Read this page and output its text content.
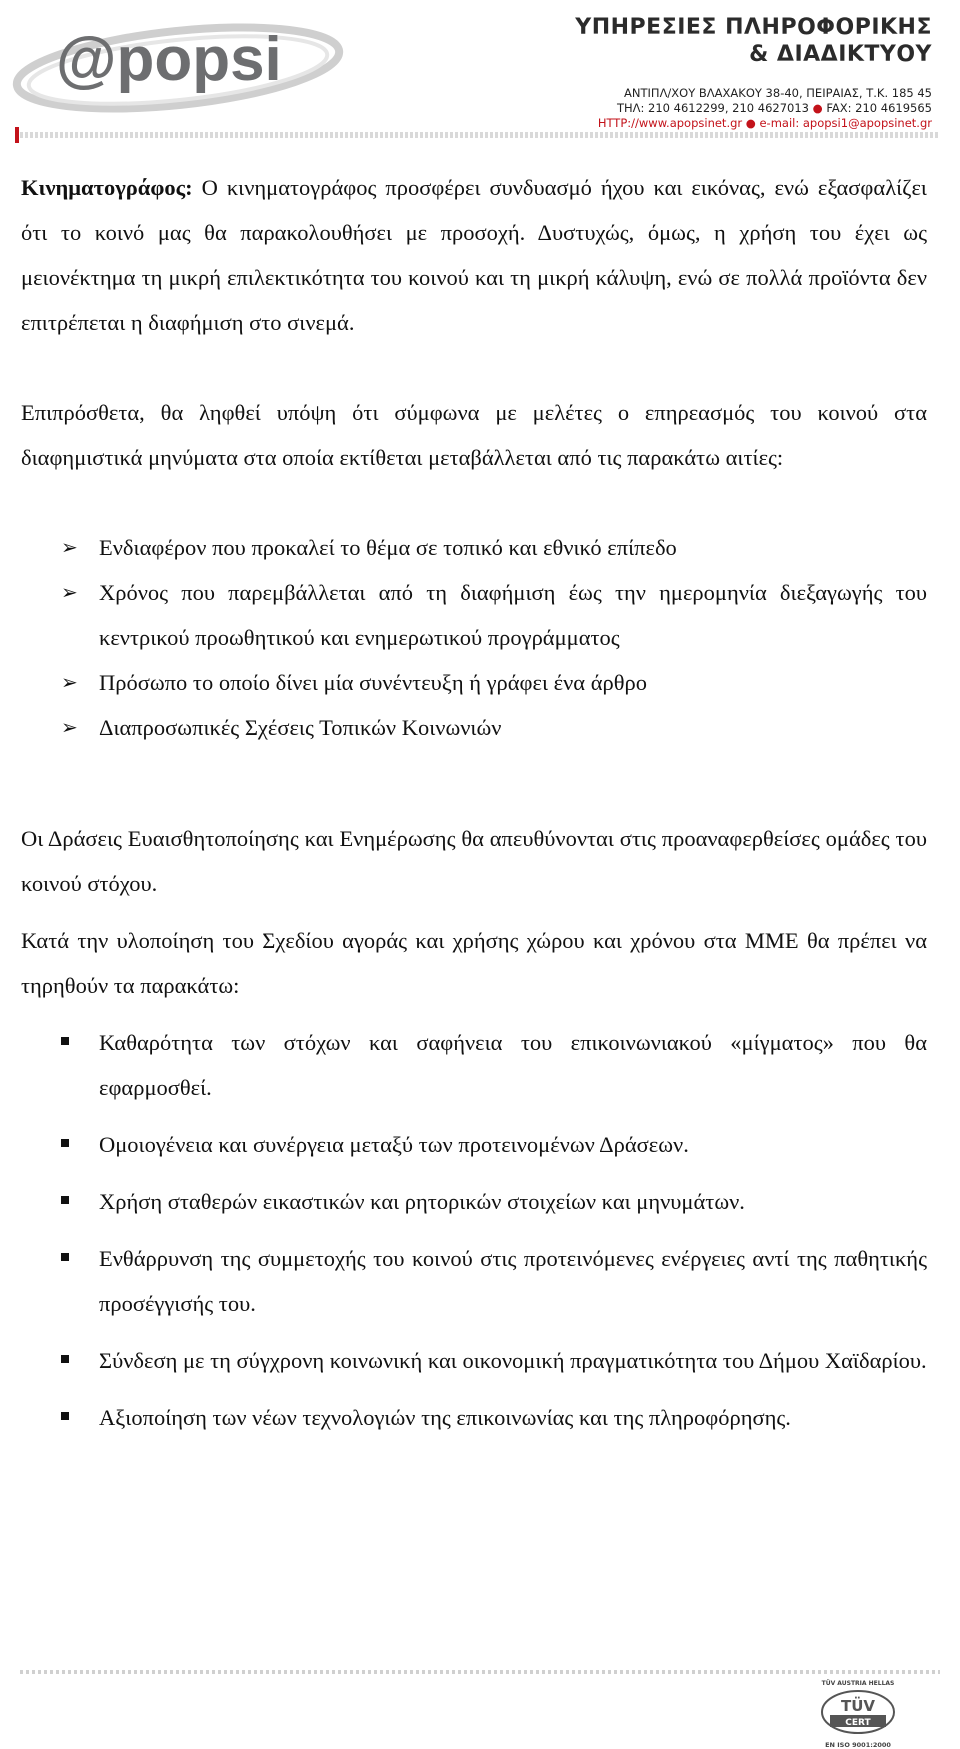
@popsi	ΥΠΗΡΕΣΙΕΣ ΠΛΗΡΟΦΟΡΙΚΗΣ
& ΔΙΑΔΙΚΤΥΟΥ
ΑΝΤΙΠΛ/ΧΟΥ ΒΛΑΧΑΚΟΥ 38-40, ΠΕΙΡΑΙΑΣ, Τ.Κ. 185 45
ΤΗΛ: 210 4612299, 210 4627013 ● FAX: 210 4619565
HTTP://www.apopsinet.gr ● e-mail: apopsi1@apopsinet.gr

Κινηματογράφος: Ο κινηματογράφος προσφέρει συνδυασμό ήχου και εικόνας, ενώ εξασφαλίζει ότι το κοινό μας θα παρακολουθήσει με προσοχή. Δυστυχώς, όμως, η χρήση του έχει ως μειονέκτημα τη μικρή επιλεκτικότητα του κοινού και τη μικρή κάλυψη, ενώ σε πολλά προϊόντα δεν επιτρέπεται η διαφήμιση στο σινεμά.

Επιπρόσθετα, θα ληφθεί υπόψη ότι σύμφωνα με μελέτες ο επηρεασμός του κοινού στα διαφημιστικά μηνύματα στα οποία εκτίθεται μεταβάλλεται από τις παρακάτω αιτίες:

➢ Ενδιαφέρον που προκαλεί το θέμα σε τοπικό και εθνικό επίπεδο
➢ Χρόνος που παρεμβάλλεται από τη διαφήμιση έως την ημερομηνία διεξαγωγής του κεντρικού προωθητικού και ενημερωτικού προγράμματος
➢ Πρόσωπο το οποίο δίνει μία συνέντευξη ή γράφει ένα άρθρο
➢ Διαπροσωπικές Σχέσεις Τοπικών Κοινωνιών

Οι Δράσεις Ευαισθητοποίησης και Ενημέρωσης θα απευθύνονται στις προαναφερθείσες ομάδες του κοινού στόχου.

Κατά την υλοποίηση του Σχεδίου αγοράς και χρήσης χώρου και χρόνου στα ΜΜΕ θα πρέπει να τηρηθούν τα παρακάτω:

Καθαρότητα των στόχων και σαφήνεια του επικοινωνιακού «μίγματος» που θα εφαρμοσθεί.
Ομοιογένεια και συνέργεια μεταξύ των προτεινομένων Δράσεων.
Χρήση σταθερών εικαστικών και ρητορικών στοιχείων και μηνυμάτων.
Ενθάρρυνση της συμμετοχής του κοινού στις προτεινόμενες ενέργειες αντί της παθητικής προσέγγισής του.
Σύνδεση με τη σύγχρονη κοινωνική και οικονομική πραγματικότητα του Δήμου Χαϊδαρίου.
Αξιοποίηση των νέων τεχνολογιών της επικοινωνίας και της πληροφόρησης.
TÜV AUSTRIA HELLAS
TÜV
CERT
EN ISO 9001:2000
